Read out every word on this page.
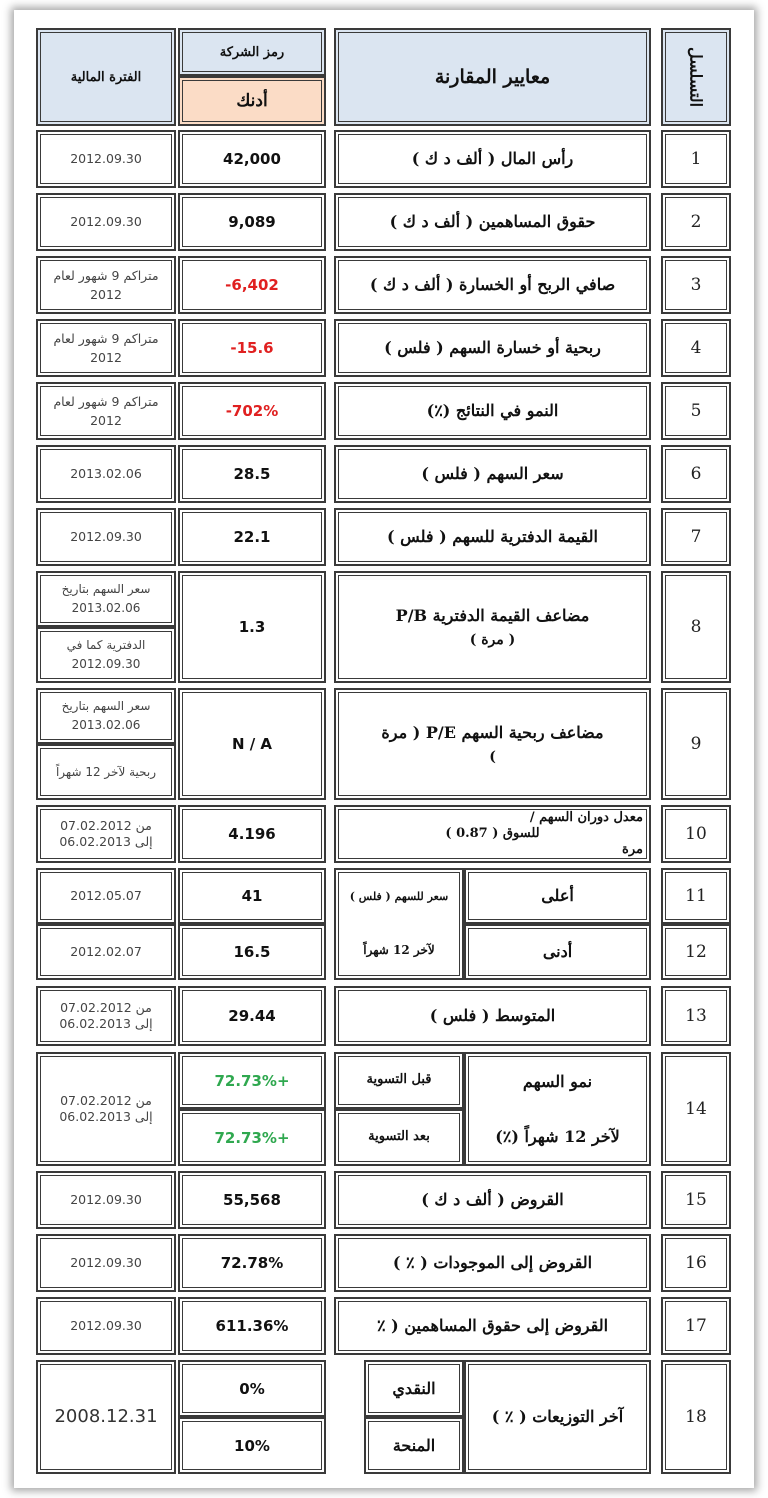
التسلسل
معايير المقارنة
رمز الشركة
أدنك
الفترة المالية
1
رأس المال ( ألف د ك )
42,000
2012.09.30
2
حقوق المساهمين ( ألف د ك )
9,089
2012.09.30
3
صافي الربح أو الخسارة ( ألف د ك )
-6,402
متراكم 9 شهور لعام 2012
4
ربحية أو خسارة السهم ( فلس )
-15.6
متراكم 9 شهور لعام 2012
5
النمو في النتائج (٪)
-702%
متراكم 9 شهور لعام 2012
6
سعر السهم ( فلس )
28.5
2013.02.06
7
القيمة الدفترية للسهم ( فلس )
22.1
2012.09.30
8
مضاعف القيمة الدفترية P/B
( مرة )
1.3
سعر السهم بتاريخ 2013.02.06
الدفترية كما في 2012.09.30
9
مضاعف ربحية السهم P/E ( مرة
)
N / A
سعر السهم بتاريخ 2013.02.06
ربحية لآخر 12 شهراً
10
معدل دوران السهم /
للسوق ( 0.87 )
مرة
4.196
من 07.02.2012
إلى 06.02.2013
11
12
أعلى
أدنى
سعر للسهم ( فلس )
لآخر 12 شهراً
41
16.5
2012.05.07
2012.02.07
13
المتوسط ( فلس )
29.44
من 07.02.2012
إلى 06.02.2013
14
نمو السهم
لآخر 12 شهراً (٪)
قبل التسوية
بعد التسوية
72.73%+
72.73%+
من 07.02.2012
إلى 06.02.2013
15
القروض ( ألف د ك )
55,568
2012.09.30
16
القروض إلى الموجودات ( ٪ )
72.78%
2012.09.30
17
القروض إلى حقوق المساهمين ( ٪
611.36%
2012.09.30
18
آخر التوزيعات ( ٪ )
النقدي
المنحة
0%
10%
2008.12.31
